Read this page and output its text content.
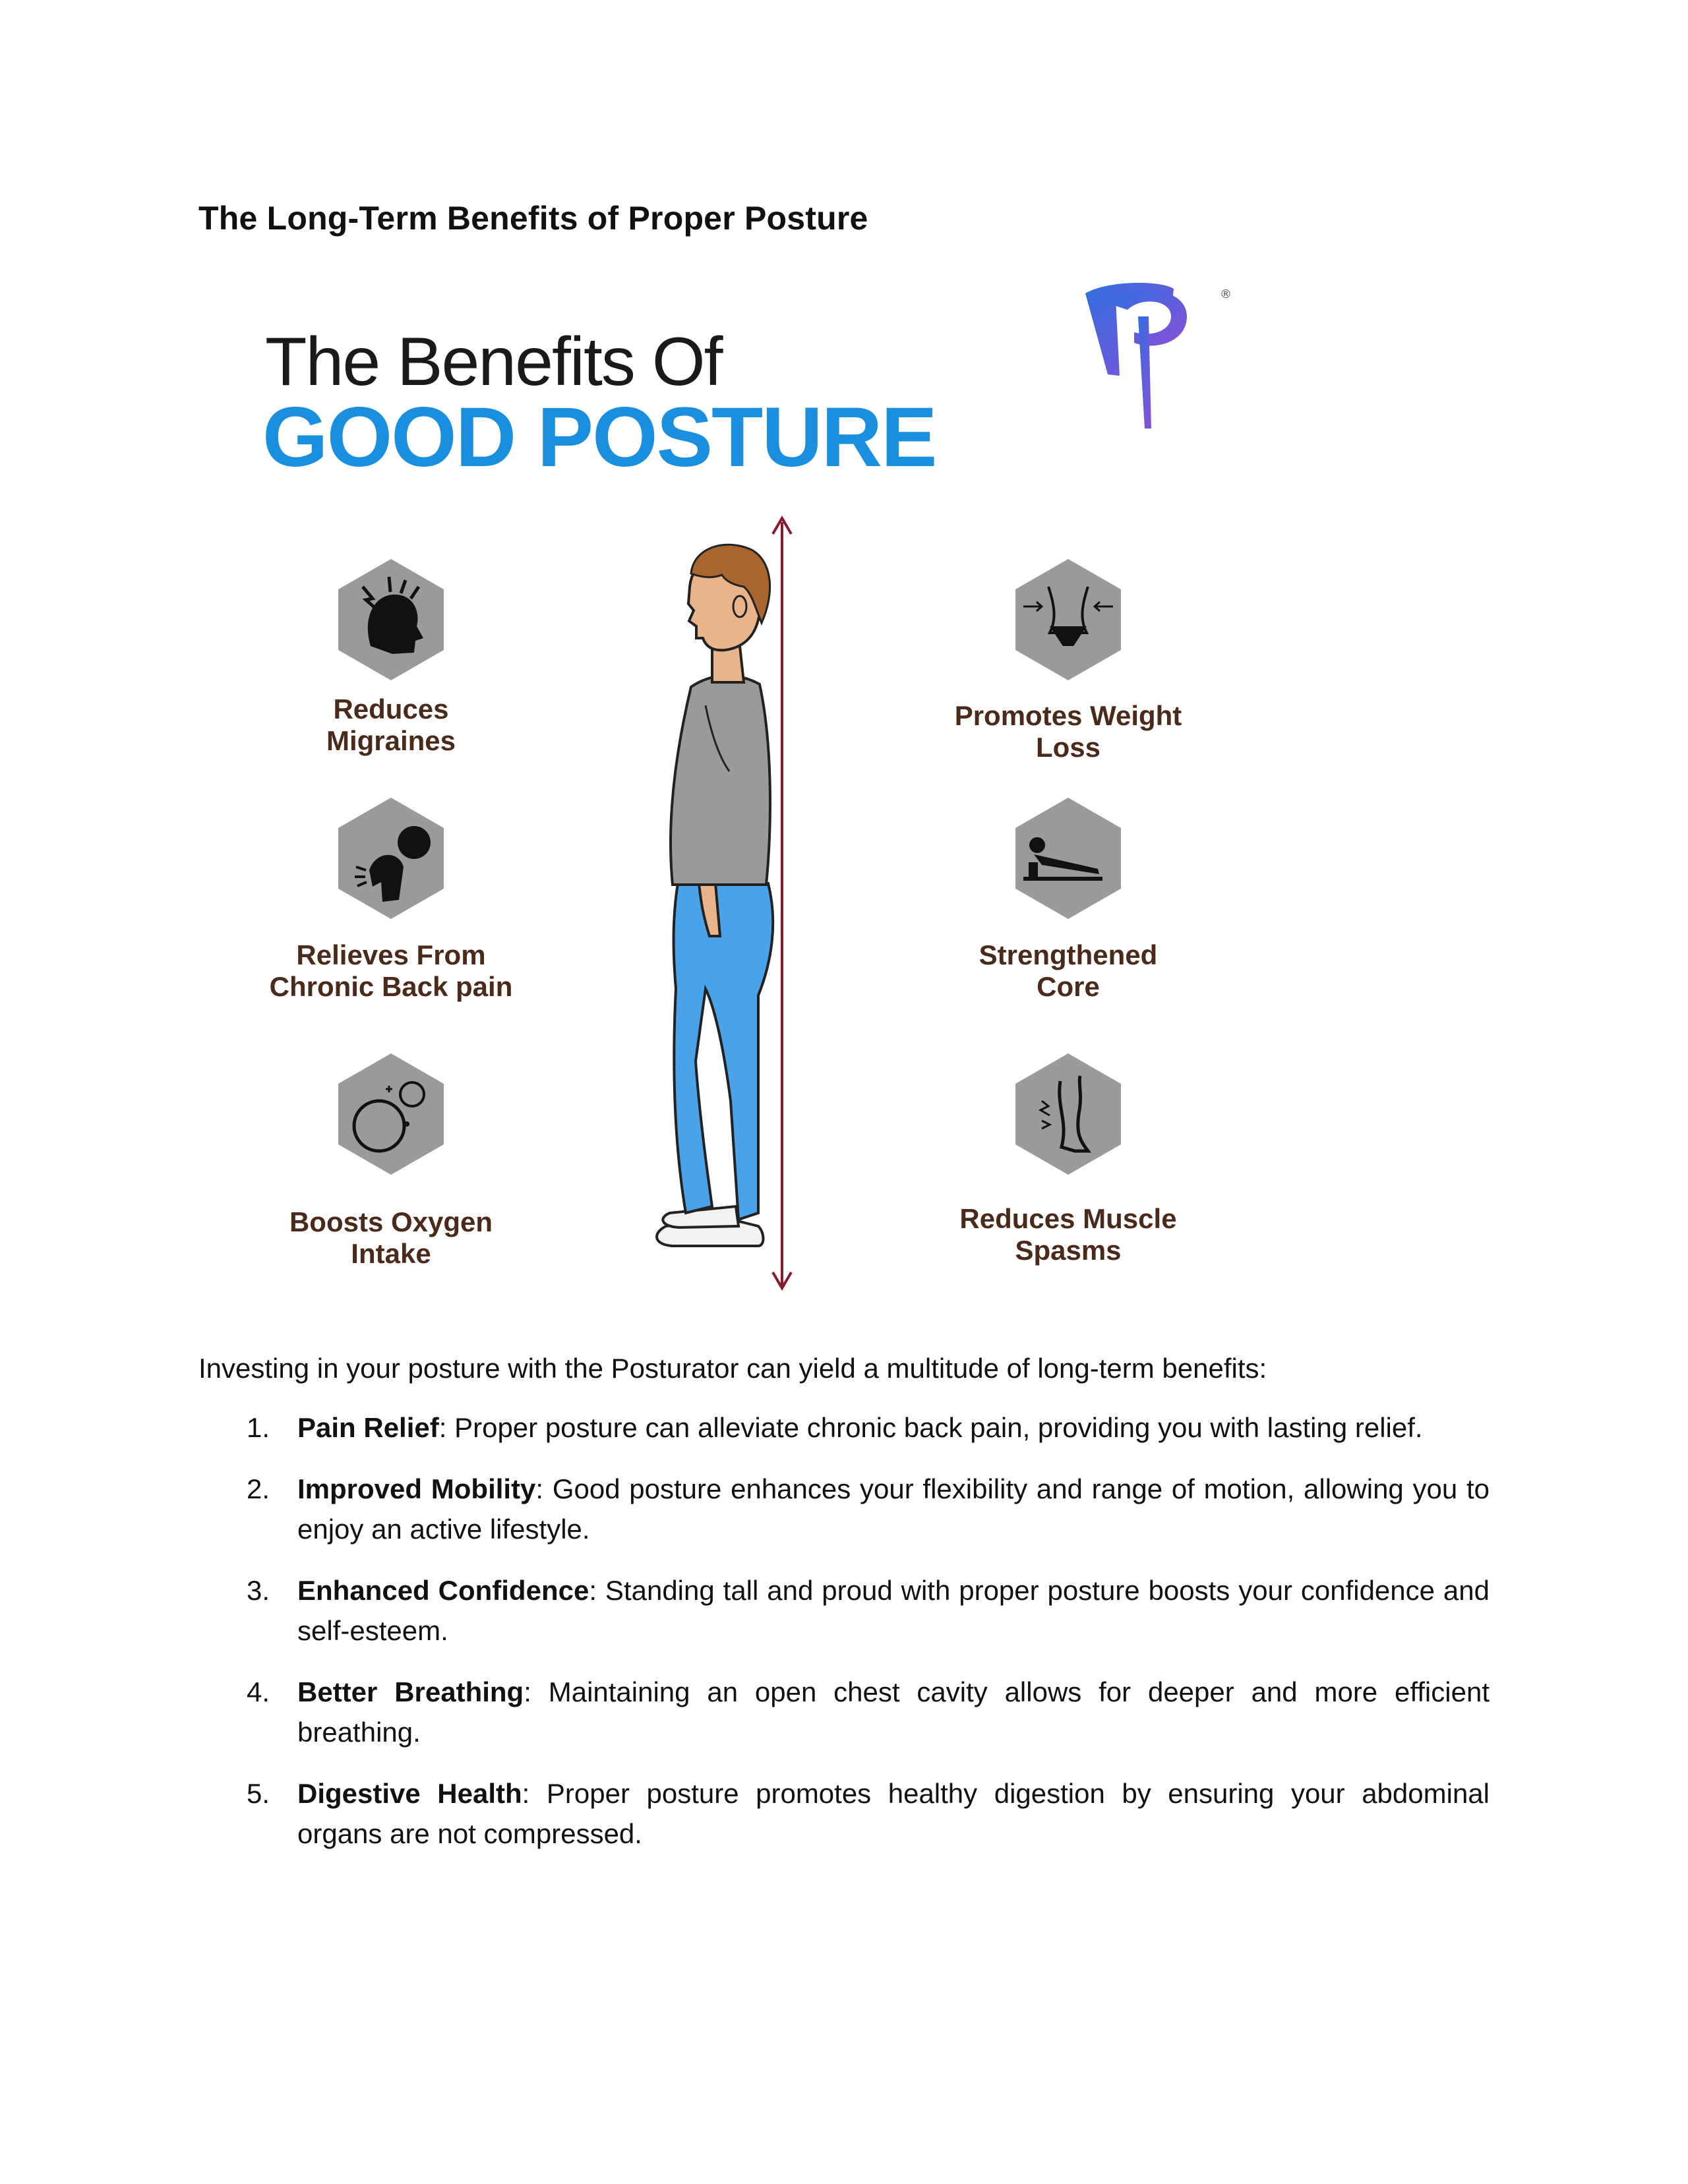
The Long-Term Benefits of Proper Posture
®
The Benefits Of
GOOD POSTURE
Reduces
Migraines
Relieves From
Chronic Back pain
Boosts Oxygen
Intake
Promotes Weight
Loss
Strengthened
Core
Reduces Muscle
Spasms

Investing in your posture with the Posturator can yield a multitude of long-term benefits:

1. Pain Relief: Proper posture can alleviate chronic back pain, providing you with lasting relief.
2. Improved Mobility: Good posture enhances your flexibility and range of motion, allowing you to enjoy an active lifestyle.
3. Enhanced Confidence: Standing tall and proud with proper posture boosts your confidence and self-esteem.
4. Better Breathing: Maintaining an open chest cavity allows for deeper and more efficient breathing.
5. Digestive Health: Proper posture promotes healthy digestion by ensuring your abdominal organs are not compressed.
